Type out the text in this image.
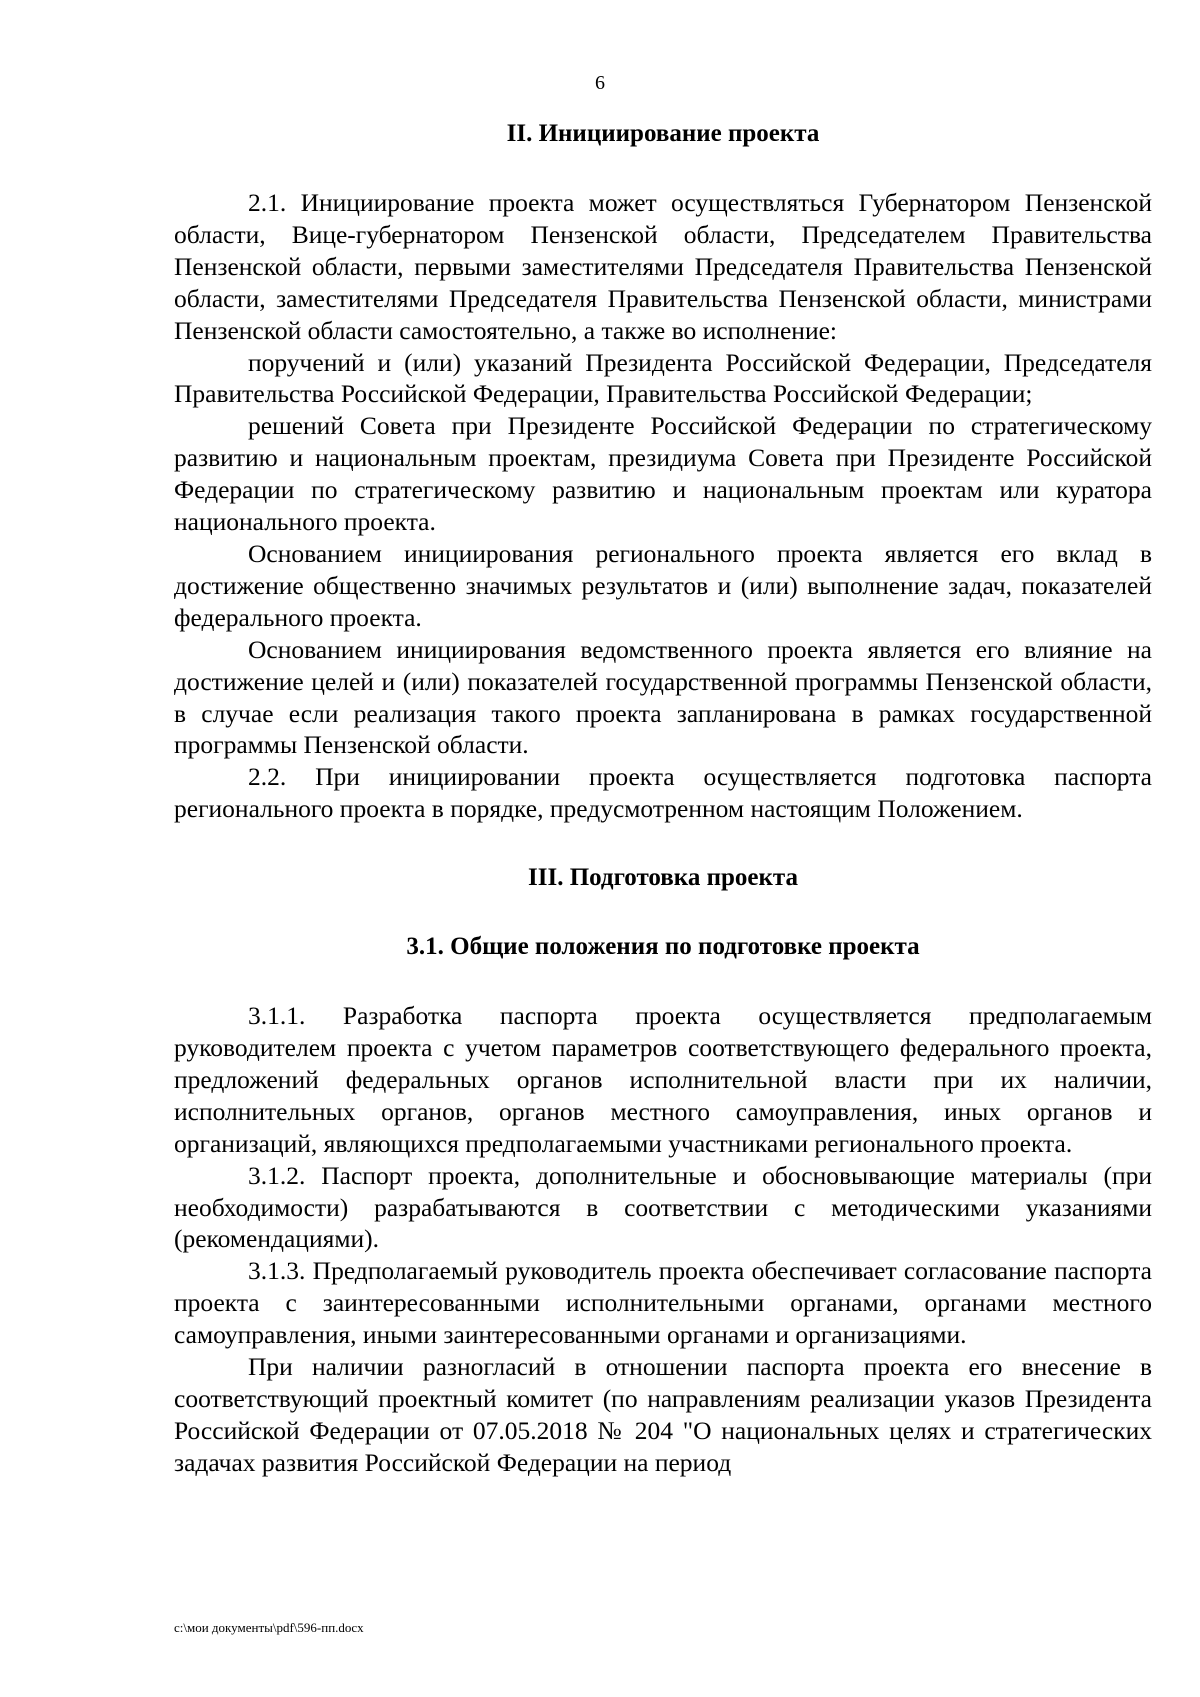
6
II. Инициирование проекта

2.1. Инициирование проекта может осуществляться Губернатором Пензенской области, Вице-губернатором Пензенской области, Председателем Правительства Пензенской области, первыми заместителями Председателя Правительства Пензенской области, заместителями Председателя Правительства Пензенской области, министрами Пензенской области самостоятельно, а также во исполнение:

поручений и (или) указаний Президента Российской Федерации, Председателя Правительства Российской Федерации, Правительства Российской Федерации;

решений Совета при Президенте Российской Федерации по стратегическому развитию и национальным проектам, президиума Совета при Президенте Российской Федерации по стратегическому развитию и национальным проектам или куратора национального проекта.

Основанием инициирования регионального проекта является его вклад в достижение общественно значимых результатов и (или) выполнение задач, показателей федерального проекта.

Основанием инициирования ведомственного проекта является его влияние на достижение целей и (или) показателей государственной программы Пензенской области, в случае если реализация такого проекта запланирована в рамках государственной программы Пензенской области.

2.2. При инициировании проекта осуществляется подготовка паспорта регионального проекта в порядке, предусмотренном настоящим Положением.

III. Подготовка проекта
3.1. Общие положения по подготовке проекта

3.1.1. Разработка паспорта проекта осуществляется предполагаемым руководителем проекта с учетом параметров соответствующего федерального проекта, предложений федеральных органов исполнительной власти при их наличии, исполнительных органов, органов местного самоуправления, иных органов и организаций, являющихся предполагаемыми участниками регионального проекта.

3.1.2. Паспорт проекта, дополнительные и обосновывающие материалы (при необходимости) разрабатываются в соответствии с методическими указаниями (рекомендациями).

3.1.3. Предполагаемый руководитель проекта обеспечивает согласование паспорта проекта с заинтересованными исполнительными органами, органами местного самоуправления, иными заинтересованными органами и организациями.

При наличии разногласий в отношении паспорта проекта его внесение в соответствующий проектный комитет (по направлениям реализации указов Президента Российской Федерации от 07.05.2018 № 204 "О национальных целях и стратегических задачах развития Российской Федерации на период

c:\мои документы\pdf\596-пп.docx
